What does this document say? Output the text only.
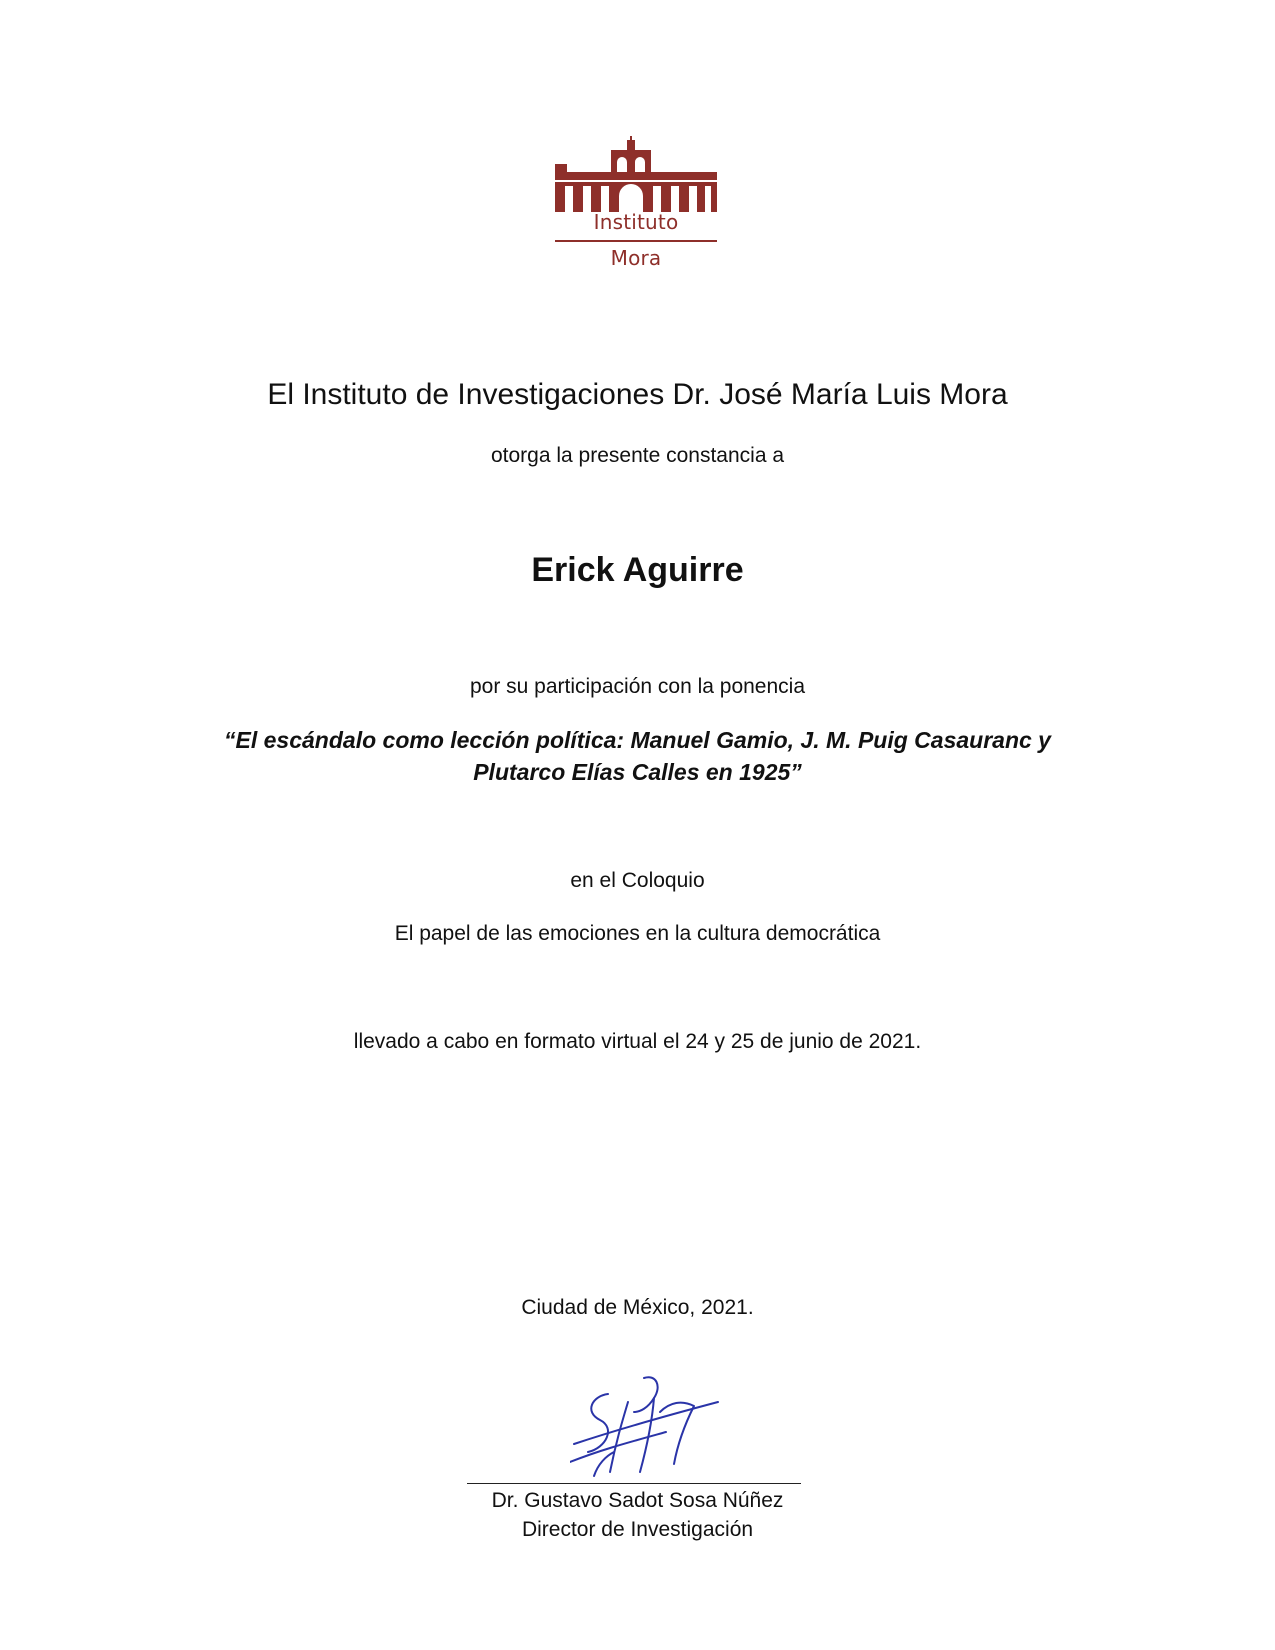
Instituto
Mora
El Instituto de Investigaciones Dr. José María Luis Mora
otorga la presente constancia a
Erick Aguirre
por su participación con la ponencia
“El escándalo como lección política: Manuel Gamio, J. M. Puig Casauranc y
Plutarco Elías Calles en 1925”
en el Coloquio
El papel de las emociones en la cultura democrática
llevado a cabo en formato virtual el 24 y 25 de junio de 2021.
Ciudad de México, 2021.
Dr. Gustavo Sadot Sosa Núñez
Director de Investigación
